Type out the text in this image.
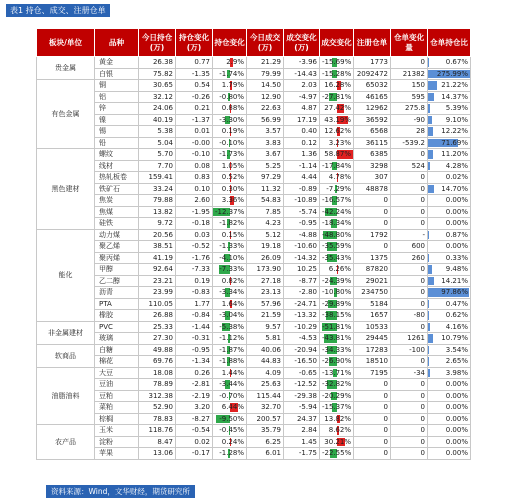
表1 持仓、成交、注册仓单
板块/单位	品种	今日持仓(万)	持仓变化(万)	持仓变化	今日成交(万)	成交变化(万)	成交变化	注册仓单	仓单变化量	仓单持仓比
贵金属	黄金	26.38	0.77	2.9%	21.29	-3.96	-15.69%	1773	0	0.67%
	白银	75.82	-1.35	-1.74%	79.99	-14.43	-15.28%	2092472	21382	275.99%
有色金属	铜	30.65	0.54	1.79%	14.50	2.03	16.28%	65032	150	21.22%
	铝	32.12	-0.26	-0.80%	12.90	-4.97	-27.81%	46165	595	14.37%
	锌	24.06	0.21	0.88%	22.63	4.87	27.42%	12962	275.8	5.39%
	镍	40.19	-1.37	-3.30%	56.99	17.19	43.19%	36592	-90	9.10%
	锡	5.38	0.01	0.19%	3.57	0.40	12.62%	6568	28	12.22%
	铅	5.04	-0.00	-0.10%	3.83	0.12	3.23%	36115	-539.2	71.69%
黑色建材	螺纹	5.70	-0.10	-1.73%	3.67	1.36	58.87%	6385	0	11.20%
	线材	7.70	0.08	1.05%	5.25	-1.14	-17.84%	3298	524	4.28%
	热轧板卷	159.41	0.83	0.52%	97.29	4.44	4.78%	307	0	0.02%
	铁矿石	33.24	0.10	0.30%	11.32	-0.89	-7.29%	48878	0	14.70%
	焦炭	79.88	2.60	3.36%	54.83	-10.89	-16.57%	0	0	0.00%
	焦煤	13.82	-1.95	-12.37%	7.85	-5.74	-42.24%	0	0	0.00%
	硅铁	9.72	-0.18	-1.82%	4.23	-0.95	-18.34%	0	0	0.00%
能化	动力煤	20.56	0.03	0.15%	5.12	-4.88	-48.80%	1792	-	0.87%
	聚乙烯	38.51	-0.52	-1.33%	19.18	-10.60	-35.59%	0	600	0.00%
	聚丙烯	41.19	-1.76	-4.10%	26.09	-14.32	-35.43%	1375	260	0.33%
	甲醇	92.64	-7.33	-7.33%	173.90	10.25	6.26%	87820	0	9.48%
	乙二醇	23.21	0.19	0.82%	27.18	-8.77	-24.39%	29021	0	14.21%
	沥青	23.99	-0.83	-3.34%	23.13	-2.80	-10.80%	234750	0	97.86%
	PTA	110.05	1.77	1.64%	57.96	-24.71	-29.89%	5184	0	0.47%
	橡胶	26.88	-0.84	-3.04%	21.59	-13.32	-38.15%	1657	-80	0.62%
非金属建材	PVC	25.33	-1.44	-5.38%	9.57	-10.29	-51.81%	10533	0	4.16%
	玻璃	27.30	-0.31	-1.12%	5.81	-4.53	-43.81%	29445	1261	10.79%
软商品	白糖	49.88	-0.95	-1.87%	40.06	-20.94	-34.33%	17283	-100	3.54%
	棉花	69.76	-1.34	-1.88%	44.83	-16.50	-26.90%	18510	0	2.65%
油脂油料	大豆	18.08	0.26	1.44%	4.09	-0.65	-13.71%	7195	-34	3.98%
	豆油	78.89	-2.81	-3.44%	25.63	-12.52	-32.82%	0	0	0.00%
	豆粕	312.38	-2.19	-0.70%	115.44	-29.38	-20.29%	0	0	0.00%
	菜粕	52.90	3.20	6.44%	32.70	-5.94	-15.37%	0	0	0.00%
	棕榈	78.83	-8.27	-9.50%	200.57	24.37	13.82%	0	0	0.00%
农产品	玉米	118.76	-0.54	-0.45%	35.79	2.84	8.62%	0	0	0.00%
	淀粉	8.47	0.02	0.24%	6.25	1.45	30.21%	0	0	0.00%
	苹果	13.06	-0.17	-1.28%	6.01	-1.75	-22.55%	0	0	0.00%
资料来源：Wind，文华财经，期货研究所
